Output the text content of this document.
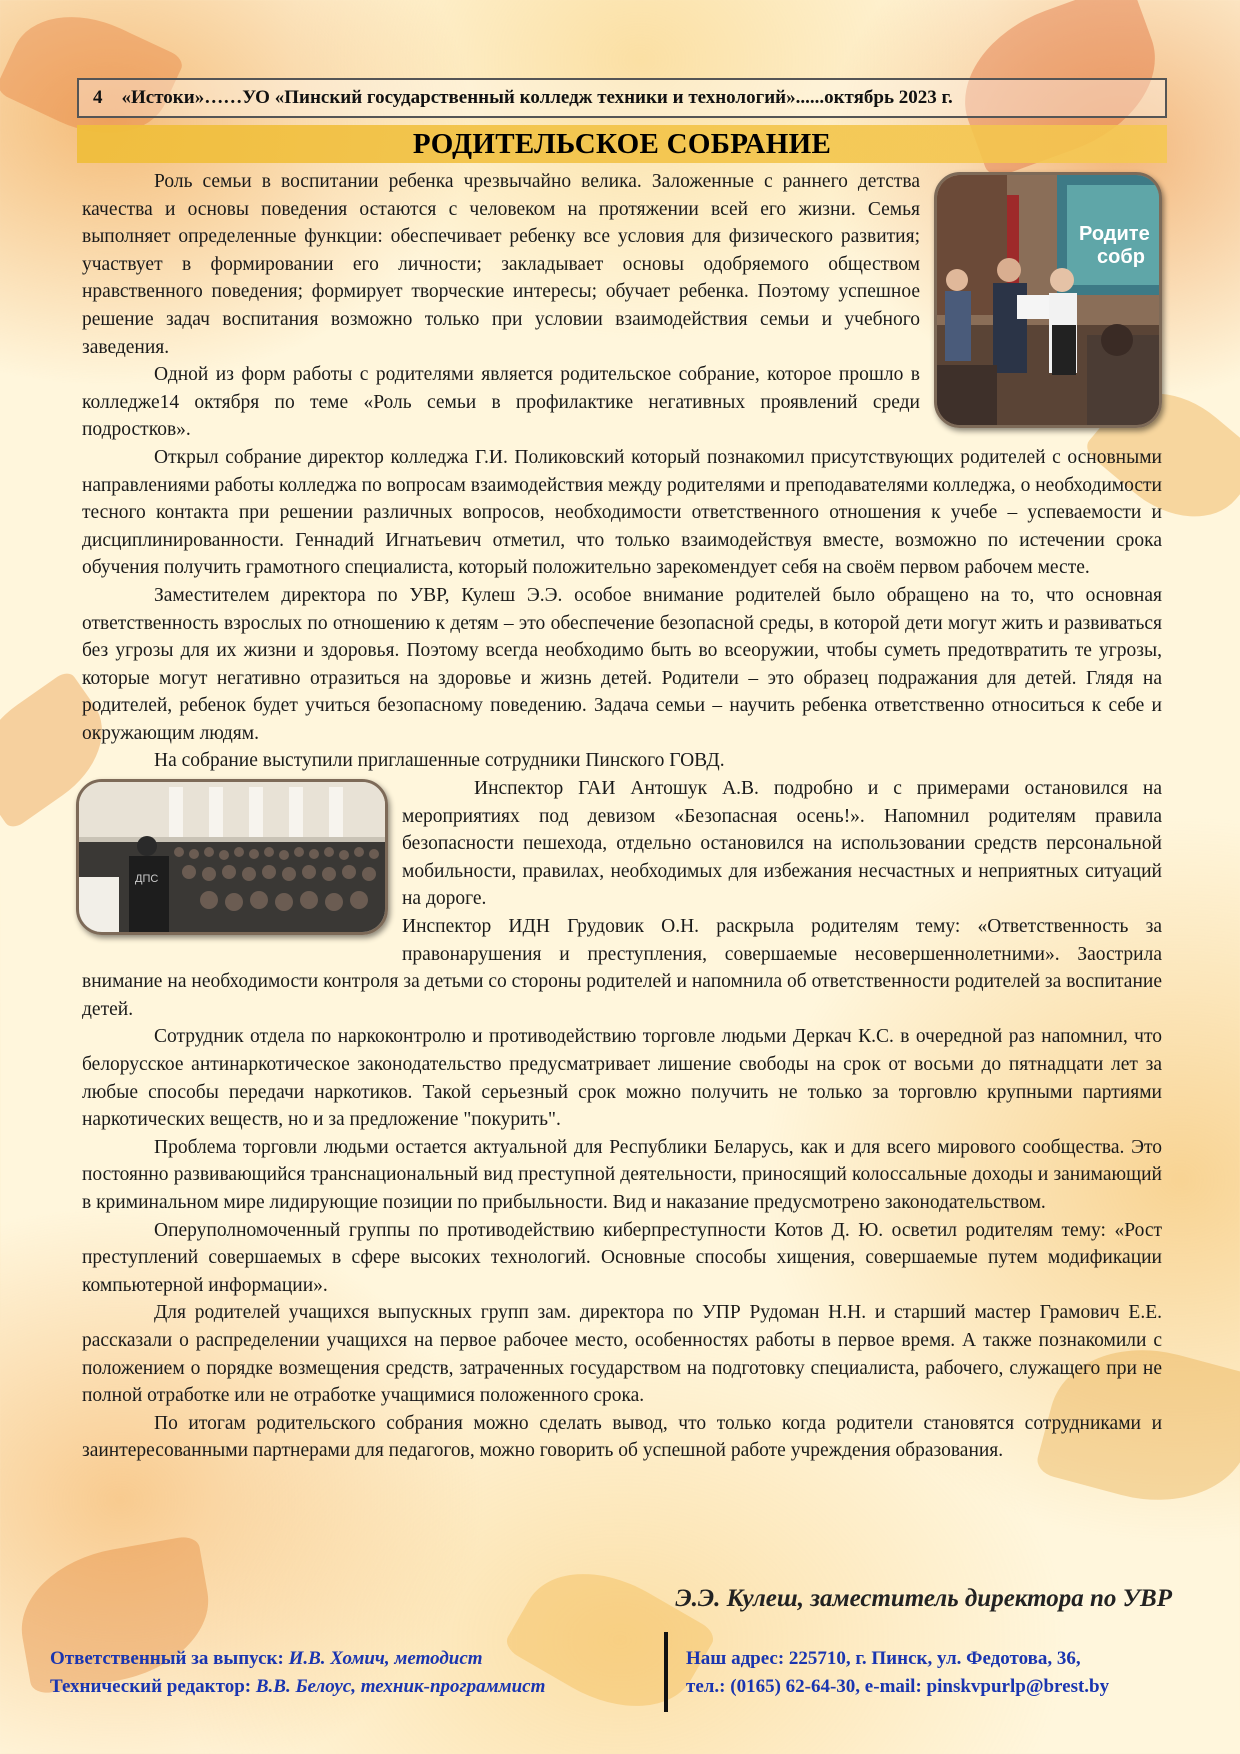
4 «Истоки»……УО «Пинский государственный колледж техники и технологий»......октябрь 2023 г.
РОДИТЕЛЬСКОЕ СОБРАНИЕ
Родите
собр

Роль семьи в воспитании ребенка чрезвычайно велика. Заложенные с раннего детства качества и основы поведения остаются с человеком на протяжении всей его жизни. Семья выполняет определенные функции: обеспечивает ребенку все условия для физического развития; участвует в формировании его личности; закладывает основы одобряемого обществом нравственного поведения; формирует творческие интересы; обучает ребенка. Поэтому успешное решение задач воспитания возможно только при условии взаимодействия семьи и учебного заведения.

Одной из форм работы с родителями является родительское собрание, которое прошло в колледже14 октября по теме «Роль семьи в профилактике негативных проявлений среди подростков».

Открыл собрание директор колледжа Г.И. Поликовский который познакомил присутствующих родителей с основными направлениями работы колледжа по вопросам взаимодействия между родителями и преподавателями колледжа, о необходимости тесного контакта при решении различных вопросов, необходимости ответственного отношения к учебе – успеваемости и дисциплинированности. Геннадий Игнатьевич отметил, что только взаимодействуя вместе, возможно по истечении срока обучения получить грамотного специалиста, который положительно зарекомендует себя на своём первом рабочем месте.

Заместителем директора по УВР, Кулеш Э.Э. особое внимание родителей было обращено на то, что основная ответственность взрослых по отношению к детям – это обеспечение безопасной среды, в которой дети могут жить и развиваться без угрозы для их жизни и здоровья. Поэтому всегда необходимо быть во всеоружии, чтобы суметь предотвратить те угрозы, которые могут негативно отразиться на здоровье и жизнь детей. Родители – это образец подражания для детей. Глядя на родителей, ребенок будет учиться безопасному поведению. Задача семьи – научить ребенка ответственно относиться к себе и окружающим людям.

На собрание выступили приглашенные сотрудники Пинского ГОВД.

ДПС

Инспектор ГАИ Антошук А.В. подробно и с примерами остановился на мероприятиях под девизом «Безопасная осень!». Напомнил родителям правила безопасности пешехода, отдельно остановился на использовании средств персональной мобильности, правилах, необходимых для избежания несчастных и неприятных ситуаций на дороге.

Инспектор ИДН Грудовик О.Н. раскрыла родителям тему: «Ответственность за правонарушения и преступления, совершаемые несовершеннолетними». Заострила внимание на необходимости контроля за детьми со стороны родителей и напомнила об ответственности родителей за воспитание детей.

Сотрудник отдела по наркоконтролю и противодействию торговле людьми Деркач К.С. в очередной раз напомнил, что белорусское антинаркотическое законодательство предусматривает лишение свободы на срок от восьми до пятнадцати лет за любые способы передачи наркотиков. Такой серьезный срок можно получить не только за торговлю крупными партиями наркотических веществ, но и за предложение "покурить".

Проблема торговли людьми остается актуальной для Республики Беларусь, как и для всего мирового сообщества. Это постоянно развивающийся транснациональный вид преступной деятельности, приносящий колоссальные доходы и занимающий в криминальном мире лидирующие позиции по прибыльности. Вид и наказание предусмотрено законодательством.

Оперуполномоченный группы по противодействию киберпреступности Котов Д. Ю. осветил родителям тему: «Рост преступлений совершаемых в сфере высоких технологий. Основные способы хищения, совершаемые путем модификации компьютерной информации».

Для родителей учащихся выпускных групп зам. директора по УПР Рудоман Н.Н. и старший мастер Грамович Е.Е. рассказали о распределении учащихся на первое рабочее место, особенностях работы в первое время. А также познакомили с положением о порядке возмещения средств, затраченных государством на подготовку специалиста, рабочего, служащего при не полной отработке или не отработке учащимися положенного срока.

По итогам родительского собрания можно сделать вывод, что только когда родители становятся сотрудниками и заинтересованными партнерами для педагогов, можно говорить об успешной работе учреждения образования.

Э.Э. Кулеш, заместитель директора по УВР
Ответственный за выпуск: И.В. Хомич, методист
Технический редактор: В.В. Белоус, техник-программист
Наш адрес: 225710, г. Пинск, ул. Федотова, 36,
тел.: (0165) 62-64-30, e-mail: pinskvpurlp@brest.by
